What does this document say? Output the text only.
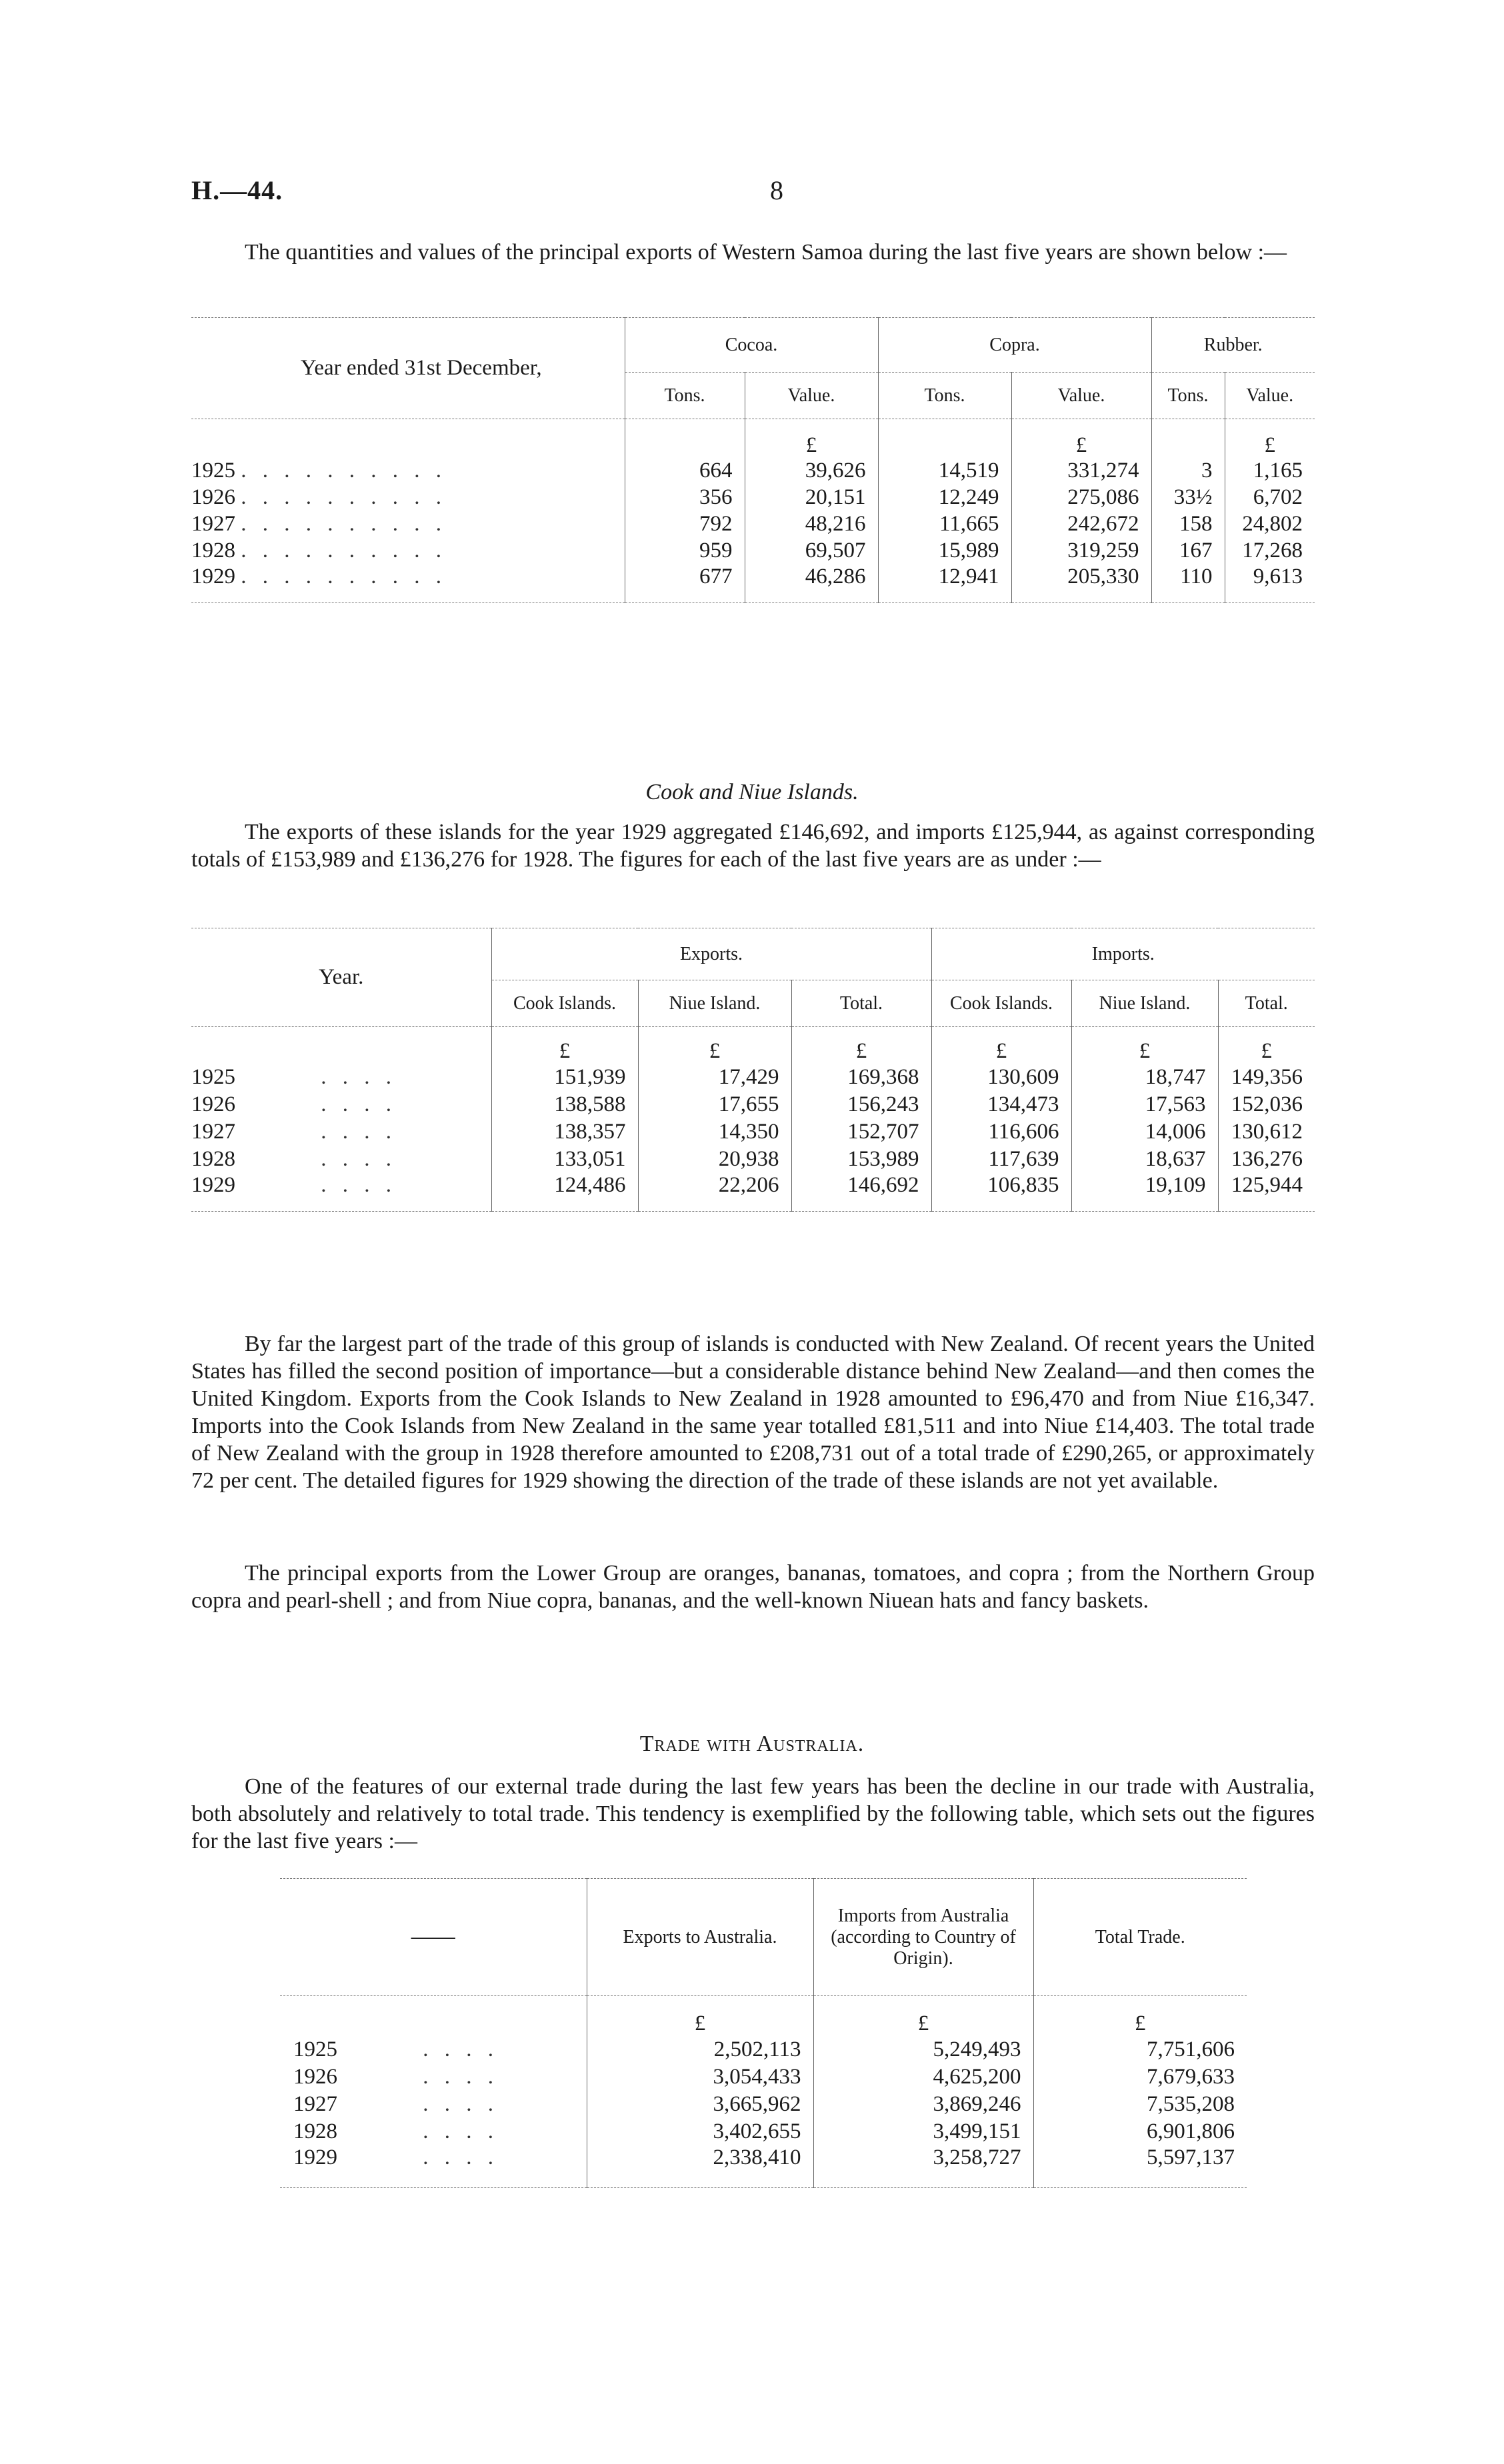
H.—44.	8

The quantities and values of the principal exports of Western Samoa during the last five years are shown below :—

Year ended 31st December,	Cocoa.		Copra.		Rubber.	
	Tons.	Value.	Tons.	Value.	Tons.	Value.
		£		£		£
1925 . . . . . . . . . .	664	39,626	14,519	331,274	3	1,165
1926 . . . . . . . . . .	356	20,151	12,249	275,086	33½	6,702
1927 . . . . . . . . . .	792	48,216	11,665	242,672	158	24,802
1928 . . . . . . . . . .	959	69,507	15,989	319,259	167	17,268
1929 . . . . . . . . . .	677	46,286	12,941	205,330	110	9,613
Cook and Niue Islands.

The exports of these islands for the year 1929 aggregated £146,692, and imports £125,944, as against corresponding totals of £153,989 and £136,276 for 1928. The figures for each of the last five years are as under :—

Year.	Exports.			Imports.		
	Cook Islands.	Niue Island.	Total.	Cook Islands.	Niue Island.	Total.
	£	£	£	£	£	£
1925 . . . .	151,939	17,429	169,368	130,609	18,747	149,356
1926 . . . .	138,588	17,655	156,243	134,473	17,563	152,036
1927 . . . .	138,357	14,350	152,707	116,606	14,006	130,612
1928 . . . .	133,051	20,938	153,989	117,639	18,637	136,276
1929 . . . .	124,486	22,206	146,692	106,835	19,109	125,944

By far the largest part of the trade of this group of islands is conducted with New Zealand. Of recent years the United States has filled the second position of importance—but a considerable distance behind New Zealand—and then comes the United Kingdom. Exports from the Cook Islands to New Zealand in 1928 amounted to £96,470 and from Niue £16,347. Imports into the Cook Islands from New Zealand in the same year totalled £81,511 and into Niue £14,403. The total trade of New Zealand with the group in 1928 therefore amounted to £208,731 out of a total trade of £290,265, or approximately 72 per cent. The detailed figures for 1929 showing the direction of the trade of these islands are not yet available.

The principal exports from the Lower Group are oranges, bananas, tomatoes, and copra ; from the Northern Group copra and pearl-shell ; and from Niue copra, bananas, and the well-known Niuean hats and fancy baskets.

Trade with Australia.

One of the features of our external trade during the last few years has been the decline in our trade with Australia, both absolutely and relatively to total trade. This tendency is exemplified by the following table, which sets out the figures for the last five years :—

——	Exports to Australia.	Imports from Australia (according to Country of Origin).	Total Trade.
	£	£	£
1925 . . . .	2,502,113	5,249,493	7,751,606
1926 . . . .	3,054,433	4,625,200	7,679,633
1927 . . . .	3,665,962	3,869,246	7,535,208
1928 . . . .	3,402,655	3,499,151	6,901,806
1929 . . . .	2,338,410	3,258,727	5,597,137
